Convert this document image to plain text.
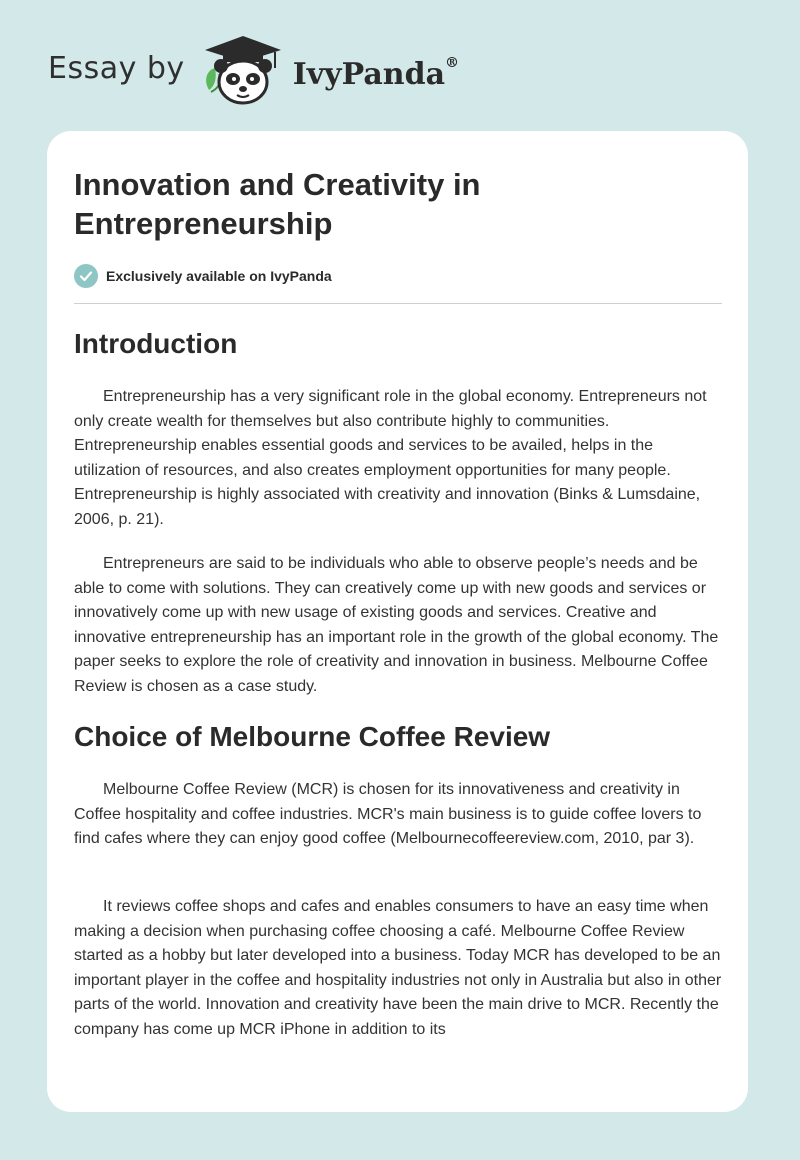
Essay by	IvyPanda®
Innovation and Creativity in Entrepreneurship
Exclusively available on IvyPanda
Introduction

Entrepreneurship has a very significant role in the global economy. Entrepreneurs not only create wealth for themselves but also contribute highly to communities. Entrepreneurship enables essential goods and services to be availed, helps in the utilization of resources, and also creates employment opportunities for many people. Entrepreneurship is highly associated with creativity and innovation (Binks & Lumsdaine, 2006, p. 21).

Entrepreneurs are said to be individuals who able to observe people’s needs and be able to come with solutions. They can creatively come up with new goods and services or innovatively come up with new usage of existing goods and services. Creative and innovative entrepreneurship has an important role in the growth of the global economy. The paper seeks to explore the role of creativity and innovation in business. Melbourne Coffee Review is chosen as a case study.

Choice of Melbourne Coffee Review

Melbourne Coffee Review (MCR) is chosen for its innovativeness and creativity in Coffee hospitality and coffee industries. MCR's main business is to guide coffee lovers to find cafes where they can enjoy good coffee (Melbournecoffeereview.com, 2010, par 3).

It reviews coffee shops and cafes and enables consumers to have an easy time when making a decision when purchasing coffee choosing a café. Melbourne Coffee Review started as a hobby but later developed into a business. Today MCR has developed to be an important player in the coffee and hospitality industries not only in Australia but also in other parts of the world. Innovation and creativity have been the main drive to MCR. Recently the company has come up MCR iPhone in addition to its
